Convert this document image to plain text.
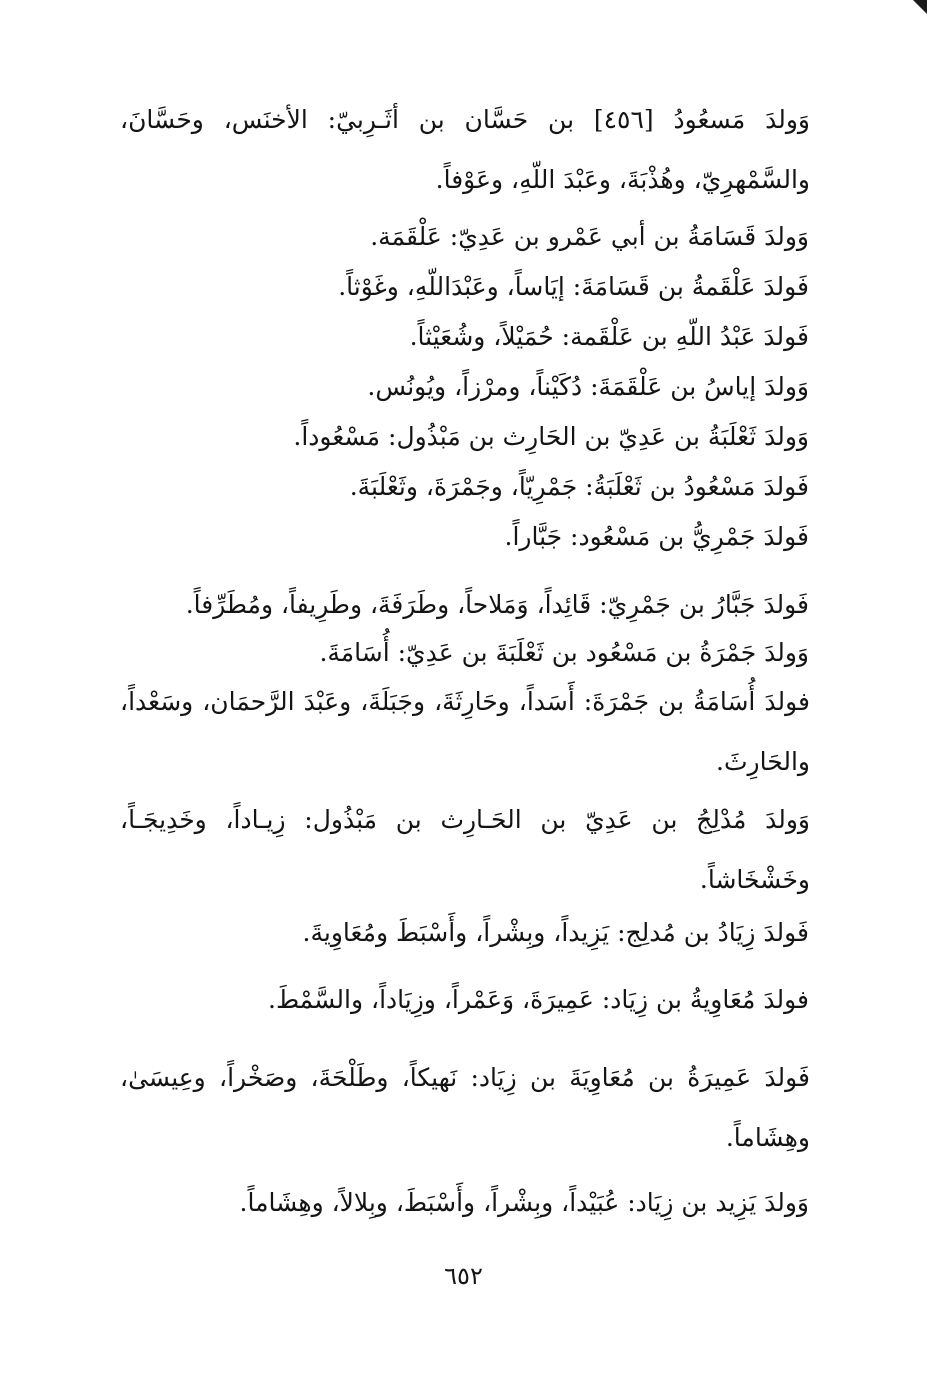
وَولدَ مَسعُودُ [٤٥٦] بن حَسَّان بن أثَـرِبيّ: الأخنَس، وحَسَّانَ، والسَّمْهرِيّ، وهُذْبَةَ، وعَبْدَ اللّهِ، وعَوْفاً.
وَولدَ قَسَامَةُ بن أبي عَمْرو بن عَدِيّ: عَلْقَمَة.
فَولدَ عَلْقَمةُ بن قَسَامَةَ: إيَاساً، وعَبْدَاللّهِ، وغَوْثاً.
فَولدَ عَبْدُ اللّهِ بن عَلْقَمة: حُمَيْلاً، وشُعَيْثاً.
وَولدَ إياسُ بن عَلْقَمَةَ: دُكَيْناً، ومرْزاً، ويُونُس.
وَولدَ ثَعْلَبَةُ بن عَدِيّ بن الحَارِث بن مَبْذُول: مَسْعُوداً.
فَولدَ مَسْعُودُ بن ثَعْلَبَةُ: جَمْرِيّاً، وجَمْرَةَ، وثَعْلَبَةَ.
فَولدَ جَمْرِيُّ بن مَسْعُود: جَبَّاراً.
فَولدَ جَبَّارُ بن جَمْرِيّ: قَائِداً، وَمَلاحاً، وطَرَفَةَ، وطَرِيفاً، ومُطَرِّفاً.
وَولدَ جَمْرَةُ بن مَسْعُود بن ثَعْلَبَةَ بن عَدِيّ: أُسَامَةَ.
فولدَ أُسَامَةُ بن جَمْرَةَ: أَسَداً، وحَارِثَةَ، وجَبَلَةَ، وعَبْدَ الرَّحمَان، وسَعْداً، والحَارِثَ.
وَولدَ مُدْلِجُ بن عَدِيّ بن الحَـارِث بن مَبْذُول: زِيـاداً، وخَدِيجَـاً، وخَشْخَاشاً.
فَولدَ زِيَادُ بن مُدلِج: يَزِيداً، وبِشْراً، وأَسْبَطَ ومُعَاوِيةَ.
فولدَ مُعَاوِيةُ بن زِيَاد: عَمِيرَةَ، وَعَمْراً، وزِيَاداً، والسَّمْطَ.
فَولدَ عَمِيرَةُ بن مُعَاوِيَةَ بن زِيَاد: نَهيكاً، وطَلْحَةَ، وصَخْراً، وعِيسَىٰ، وهِشَاماً.
وَولدَ يَزِيد بن زِيَاد: عُبَيْداً، وبِشْراً، وأَسْبَطَ، وبِلالاً، وهِشَاماً.
٦٥٢
